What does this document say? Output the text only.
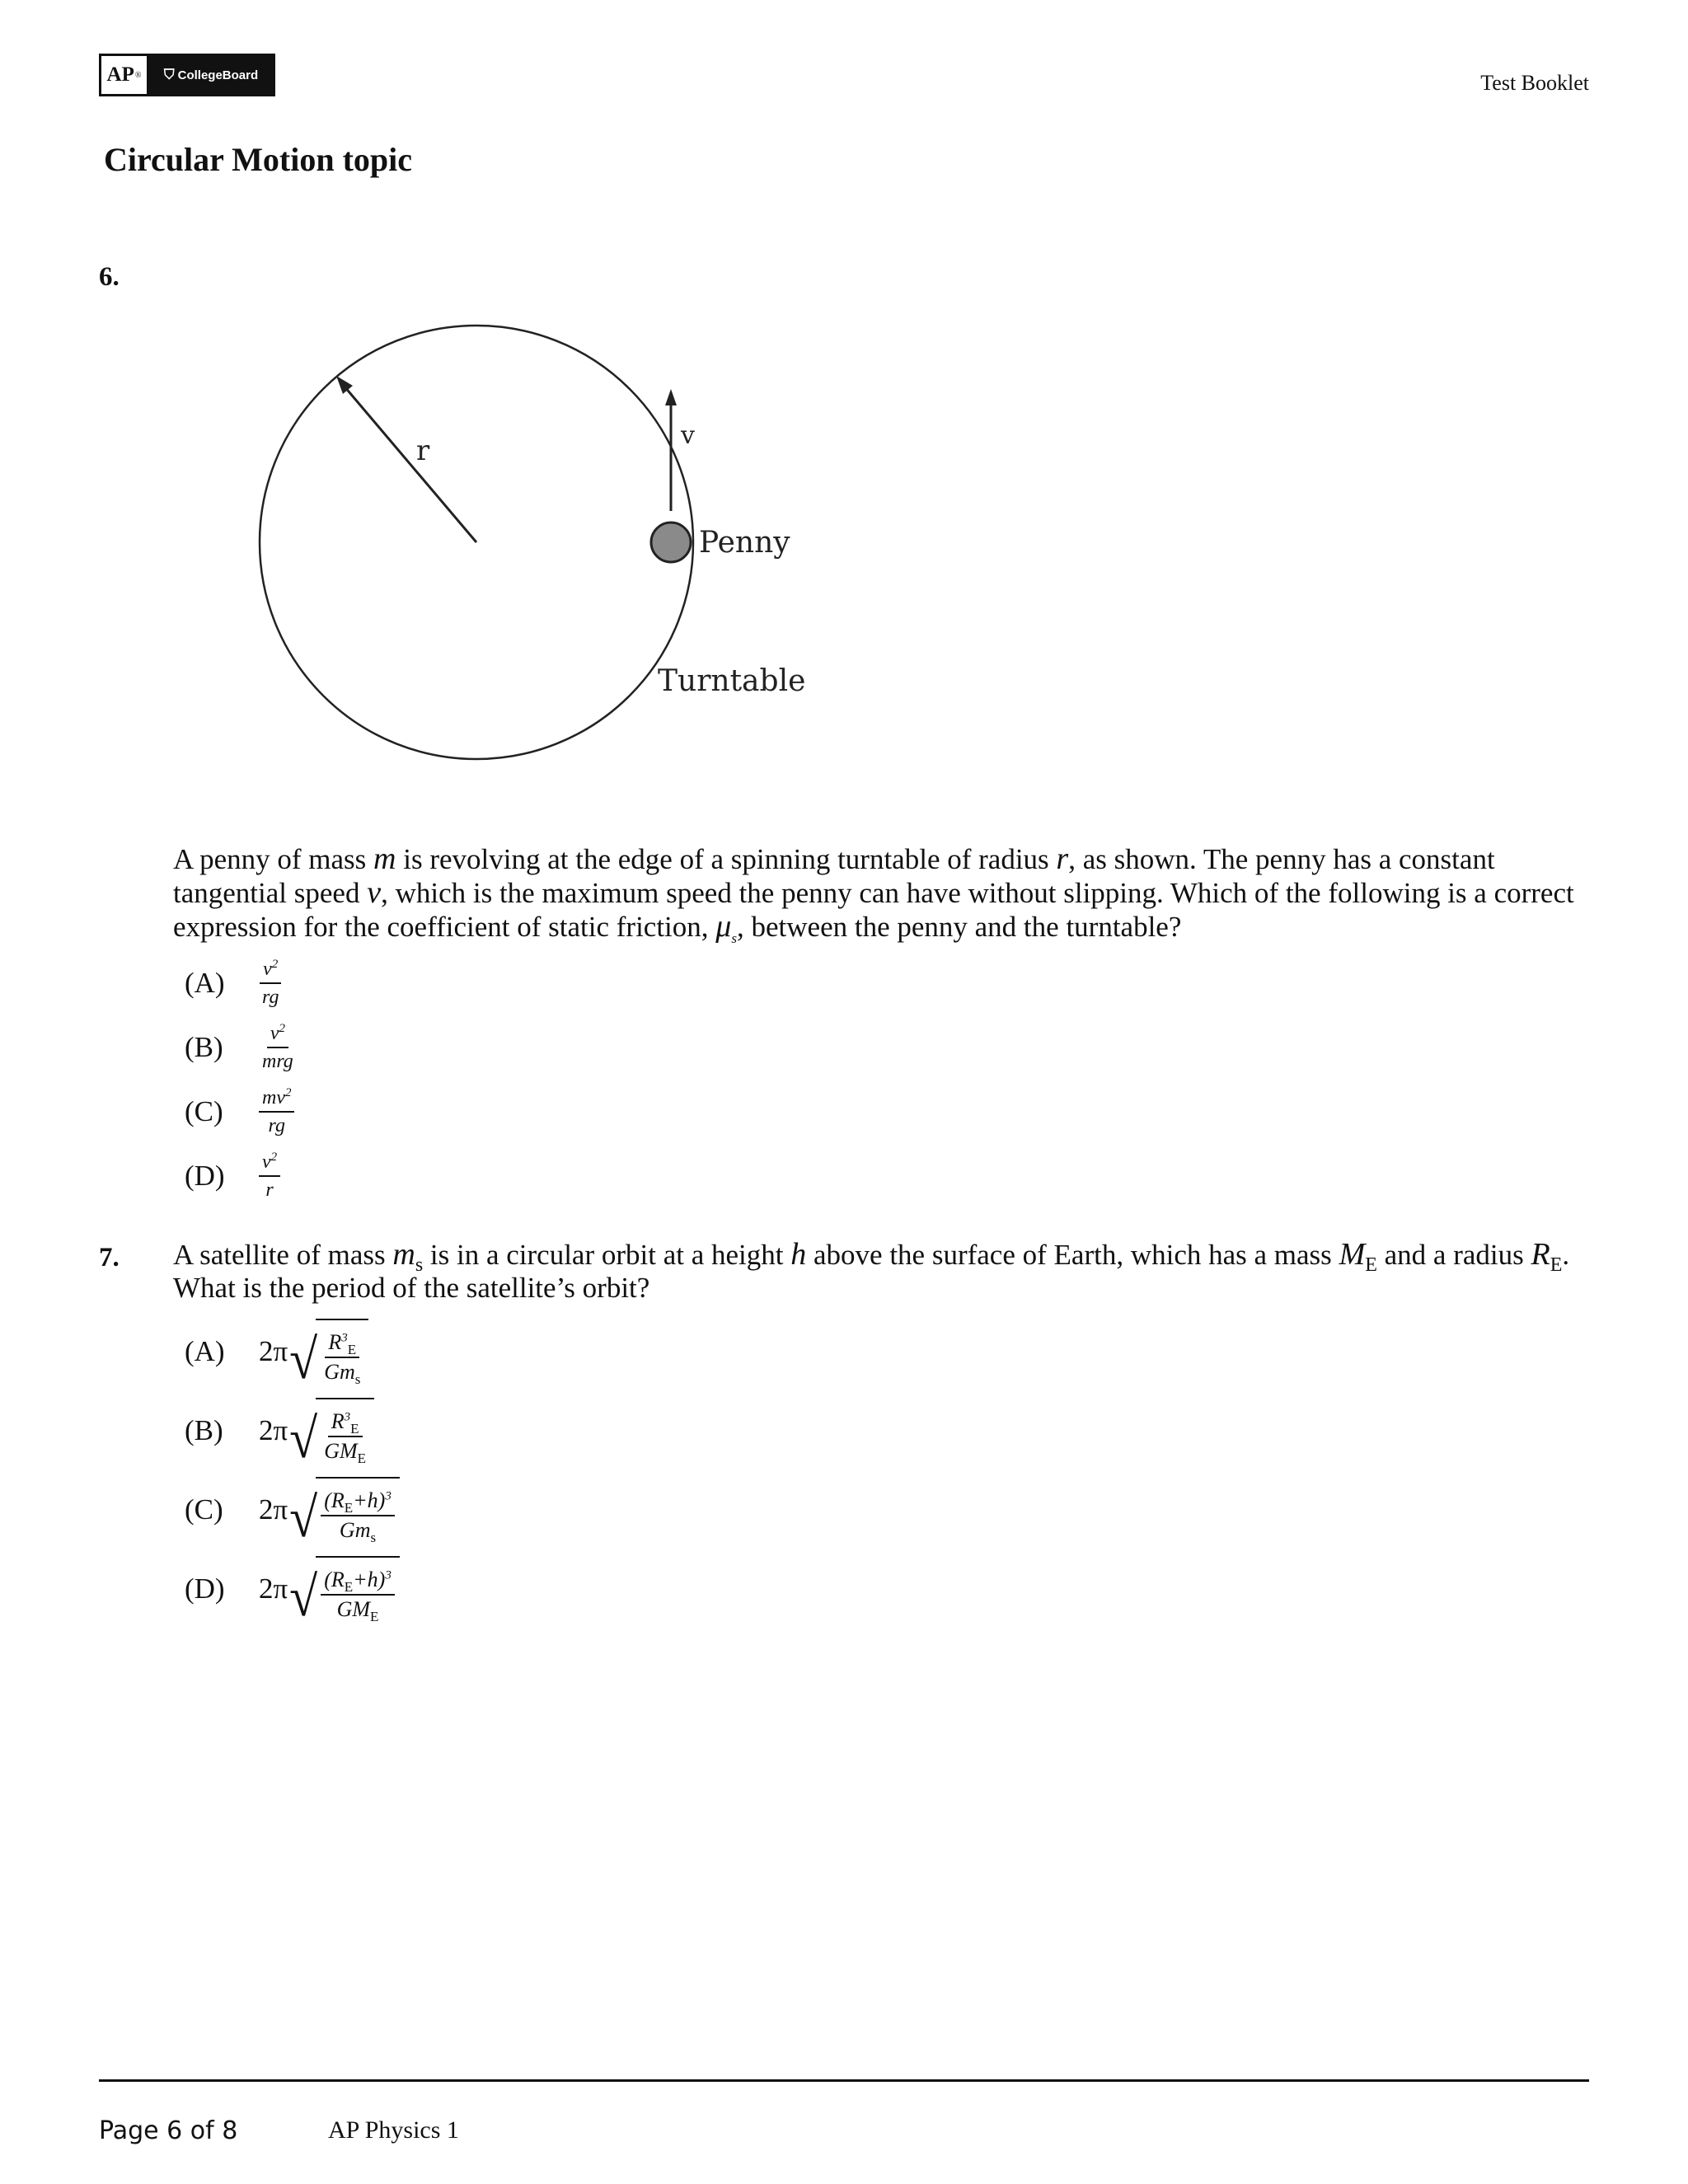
AP ® ⛉ CollegeBoard	Test Booklet
Circular Motion topic
6.
r	v
Penny
Turntable
A penny of mass m is revolving at the edge of a spinning turntable of radius r, as shown. The penny has a constant tangential speed v, which is the maximum speed the penny can have without slipping. Which of the following is a correct expression for the coefficient of static friction, $\mu_s$, between the penny and the turntable?
(A)	$\frac{v^2}{rg}$
(B)	$\frac{v^2}{\text{mrg}}$
(C)	$\frac{mv^2}{rg}$
(D)	$\frac{v^2}{r}$
7. A satellite of mass $m_s$ is in a circular orbit at a height h above the surface of Earth, which has a mass $M_E$ and a radius $R_E$. What is the period of the satellite’s orbit?
(A)	2π √ $\frac{R^3_E}{Gm_s}$
(B)	2π √ $\frac{R^3_E}{GM_E}$
(C)	2π √ $\frac{(R_E+h)^3}{Gm_s}$
(D)	2π √ $\frac{(R_E+h)^3}{GM_E}$
Page 6 of 8	AP Physics 1
